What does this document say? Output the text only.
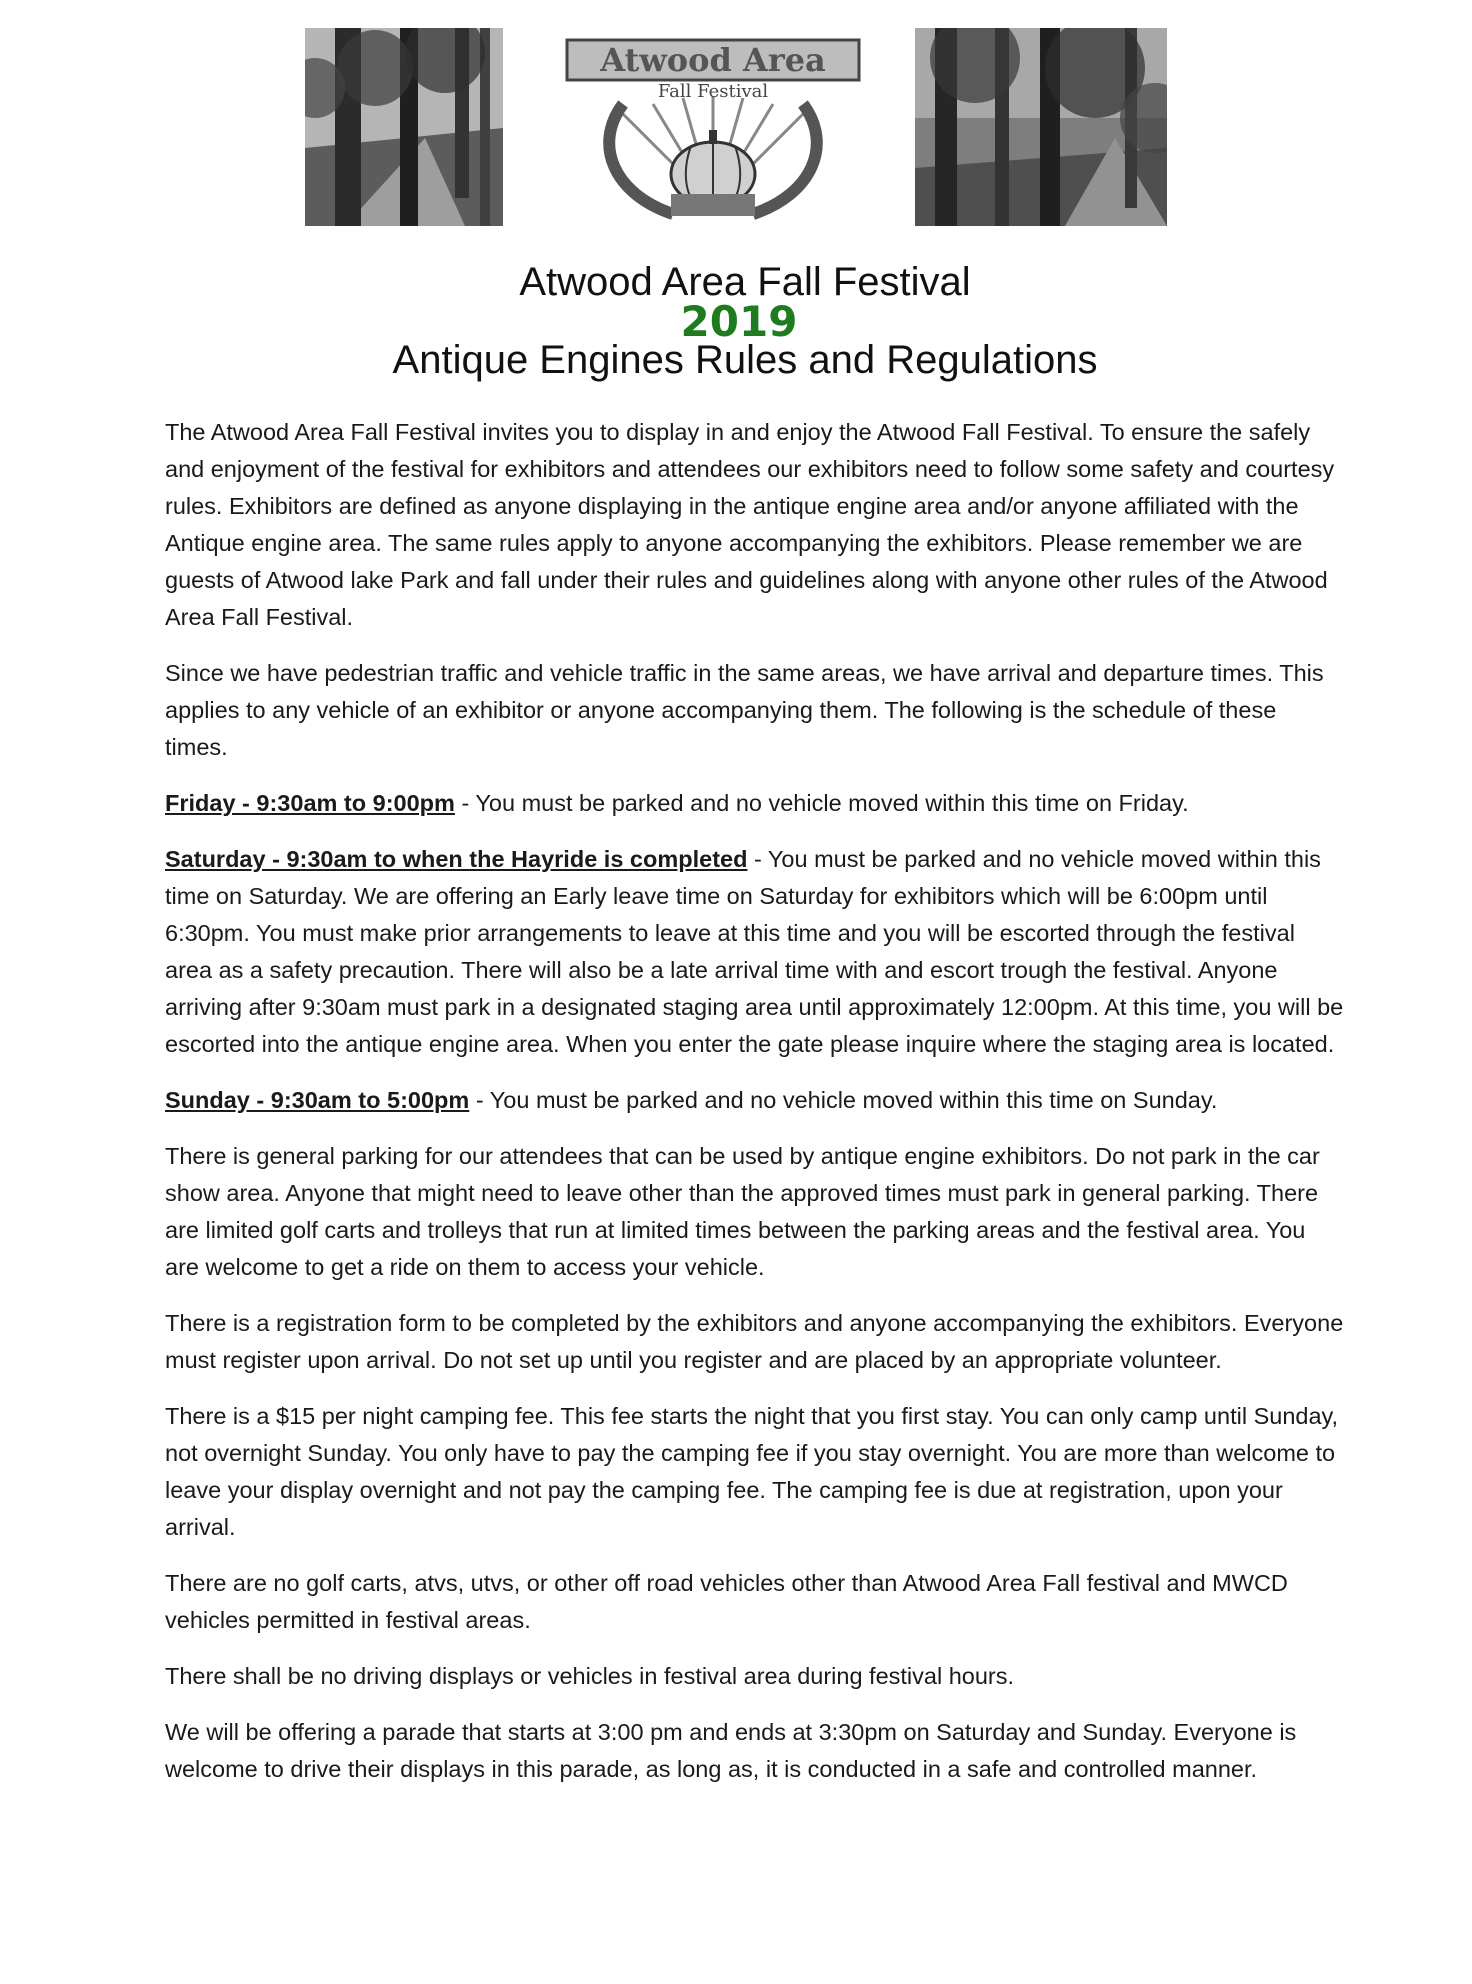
Atwood Area
Fall Festival
Atwood Area Fall Festival
2019
Antique Engines Rules and Regulations

The Atwood Area Fall Festival invites you to display in and enjoy the Atwood Fall Festival. To ensure the safely and enjoyment of the festival for exhibitors and attendees our exhibitors need to follow some safety and courtesy rules. Exhibitors are defined as anyone displaying in the antique engine area and/or anyone affiliated with the Antique engine area. The same rules apply to anyone accompanying the exhibitors. Please remember we are guests of Atwood lake Park and fall under their rules and guidelines along with anyone other rules of the Atwood Area Fall Festival.

Since we have pedestrian traffic and vehicle traffic in the same areas, we have arrival and departure times. This applies to any vehicle of an exhibitor or anyone accompanying them. The following is the schedule of these times.

Friday - 9:30am to 9:00pm - You must be parked and no vehicle moved within this time on Friday.

Saturday - 9:30am to when the Hayride is completed - You must be parked and no vehicle moved within this time on Saturday. We are offering an Early leave time on Saturday for exhibitors which will be 6:00pm until 6:30pm. You must make prior arrangements to leave at this time and you will be escorted through the festival area as a safety precaution. There will also be a late arrival time with and escort trough the festival. Anyone arriving after 9:30am must park in a designated staging area until approximately 12:00pm. At this time, you will be escorted into the antique engine area. When you enter the gate please inquire where the staging area is located.

Sunday - 9:30am to 5:00pm - You must be parked and no vehicle moved within this time on Sunday.

There is general parking for our attendees that can be used by antique engine exhibitors. Do not park in the car show area. Anyone that might need to leave other than the approved times must park in general parking. There are limited golf carts and trolleys that run at limited times between the parking areas and the festival area. You are welcome to get a ride on them to access your vehicle.

There is a registration form to be completed by the exhibitors and anyone accompanying the exhibitors. Everyone must register upon arrival. Do not set up until you register and are placed by an appropriate volunteer.

There is a $15 per night camping fee. This fee starts the night that you first stay. You can only camp until Sunday, not overnight Sunday. You only have to pay the camping fee if you stay overnight. You are more than welcome to leave your display overnight and not pay the camping fee. The camping fee is due at registration, upon your arrival.

There are no golf carts, atvs, utvs, or other off road vehicles other than Atwood Area Fall festival and MWCD vehicles permitted in festival areas.

There shall be no driving displays or vehicles in festival area during festival hours.

We will be offering a parade that starts at 3:00 pm and ends at 3:30pm on Saturday and Sunday. Everyone is welcome to drive their displays in this parade, as long as, it is conducted in a safe and controlled manner.
